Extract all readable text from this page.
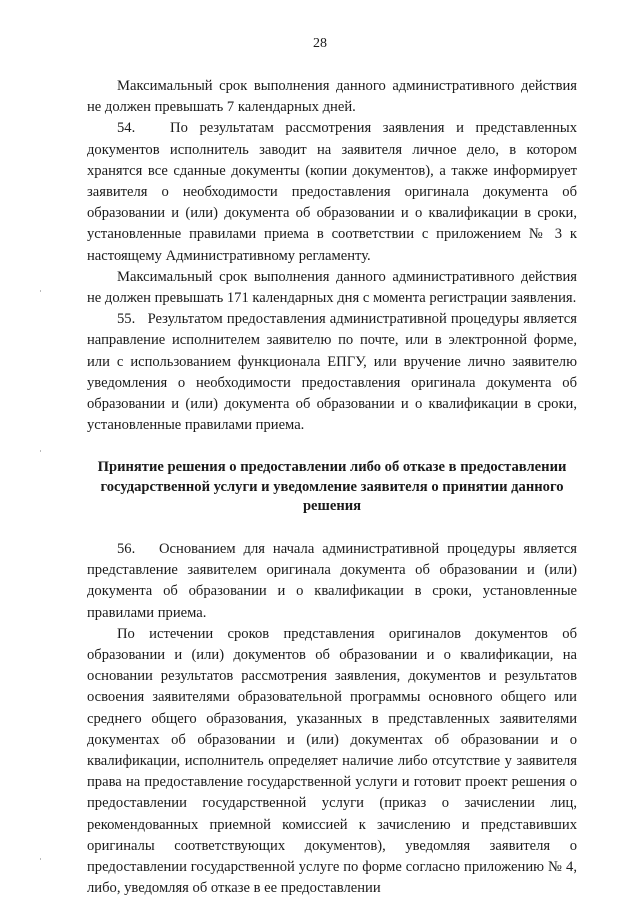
28

Максимальный срок выполнения данного административного действия не должен превышать 7 календарных дней.

54.   По результатам рассмотрения заявления и представленных документов исполнитель заводит на заявителя личное дело, в котором хранятся все сданные документы (копии документов), а также информирует заявителя о необходимости предоставления оригинала документа об образовании и (или) документа об образовании и о квалификации в сроки, установленные правилами приема в соответствии с приложением № 3 к настоящему Административному регламенту.

Максимальный срок выполнения данного административного действия не должен превышать 171 календарных дня с момента регистрации заявления.

55.   Результатом предоставления административной процедуры является направление исполнителем заявителю по почте, или в электронной форме, или с использованием функционала ЕПГУ, или вручение лично заявителю уведомления о необходимости предоставления оригинала документа об образовании и (или) документа об образовании и о квалификации в сроки, установленные правилами приема.

Принятие решения о предоставлении либо об отказе в предоставлении
государственной услуги и уведомление заявителя о принятии данного
решения

56.   Основанием для начала административной процедуры является представление заявителем оригинала документа об образовании и (или) документа об образовании и о квалификации в сроки, установленные правилами приема.

По истечении сроков представления оригиналов документов об образовании и (или) документов об образовании и о квалификации, на основании результатов рассмотрения заявления, документов и результатов освоения заявителями образовательной программы основного общего или среднего общего образования, указанных в представленных заявителями документах об образовании и (или) документах об образовании и о квалификации, исполнитель определяет наличие либо отсутствие у заявителя права на предоставление государственной услуги и готовит проект решения о предоставлении государственной услуги (приказ о зачислении лиц, рекомендованных приемной комиссией к зачислению и представивших оригиналы соответствующих документов), уведомляя заявителя о предоставлении государственной услуге по форме согласно приложению № 4, либо, уведомляя об отказе в ее предоставлении
